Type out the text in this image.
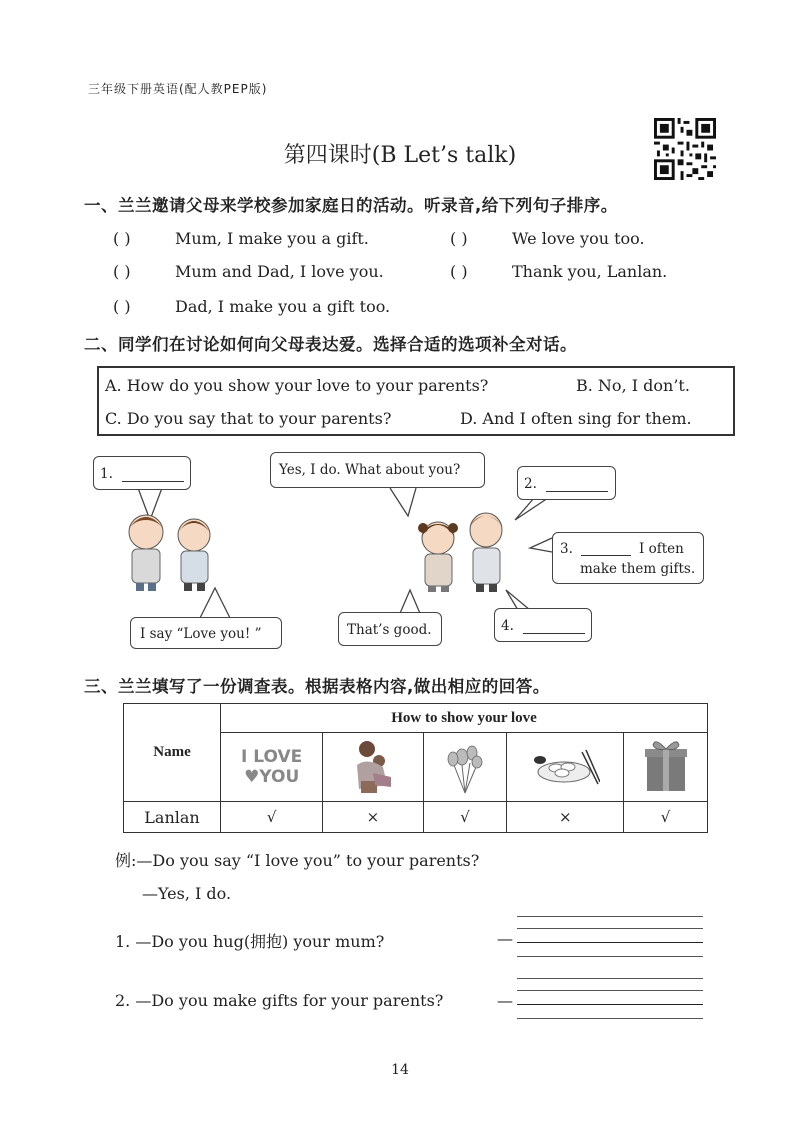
三年级下册英语(配人教PEP版)
第四课时(B Let’s talk)
一、兰兰邀请父母来学校参加家庭日的活动。听录音,给下列句子排序。
( )	Mum, I make you a gift.	( )	We love you too.
( )	Mum and Dad, I love you.	( )	Thank you, Lanlan.
( )	Dad, I make you a gift too.
二、同学们在讨论如何向父母表达爱。选择合适的选项补全对话。
A. How do you show your love to your parents?	B. No, I don’t.
C. Do you say that to your parents?	D. And I often sing for them.
1.	Yes, I do. What about you?
2.
3.	I often
make them gifts.
I say “Love you! ”	That’s good.	4.
三、兰兰填写了一份调查表。根据表格内容,做出相应的回答。
Name	How to show your love				

	I LOVE
♥YOU

Lanlan	√	×	√	×	√
例:—Do you say “I love you” to your parents?
—Yes, I do.
1. —Do you hug(拥抱) your mum?	—
2. —Do you make gifts for your parents?	—
14
